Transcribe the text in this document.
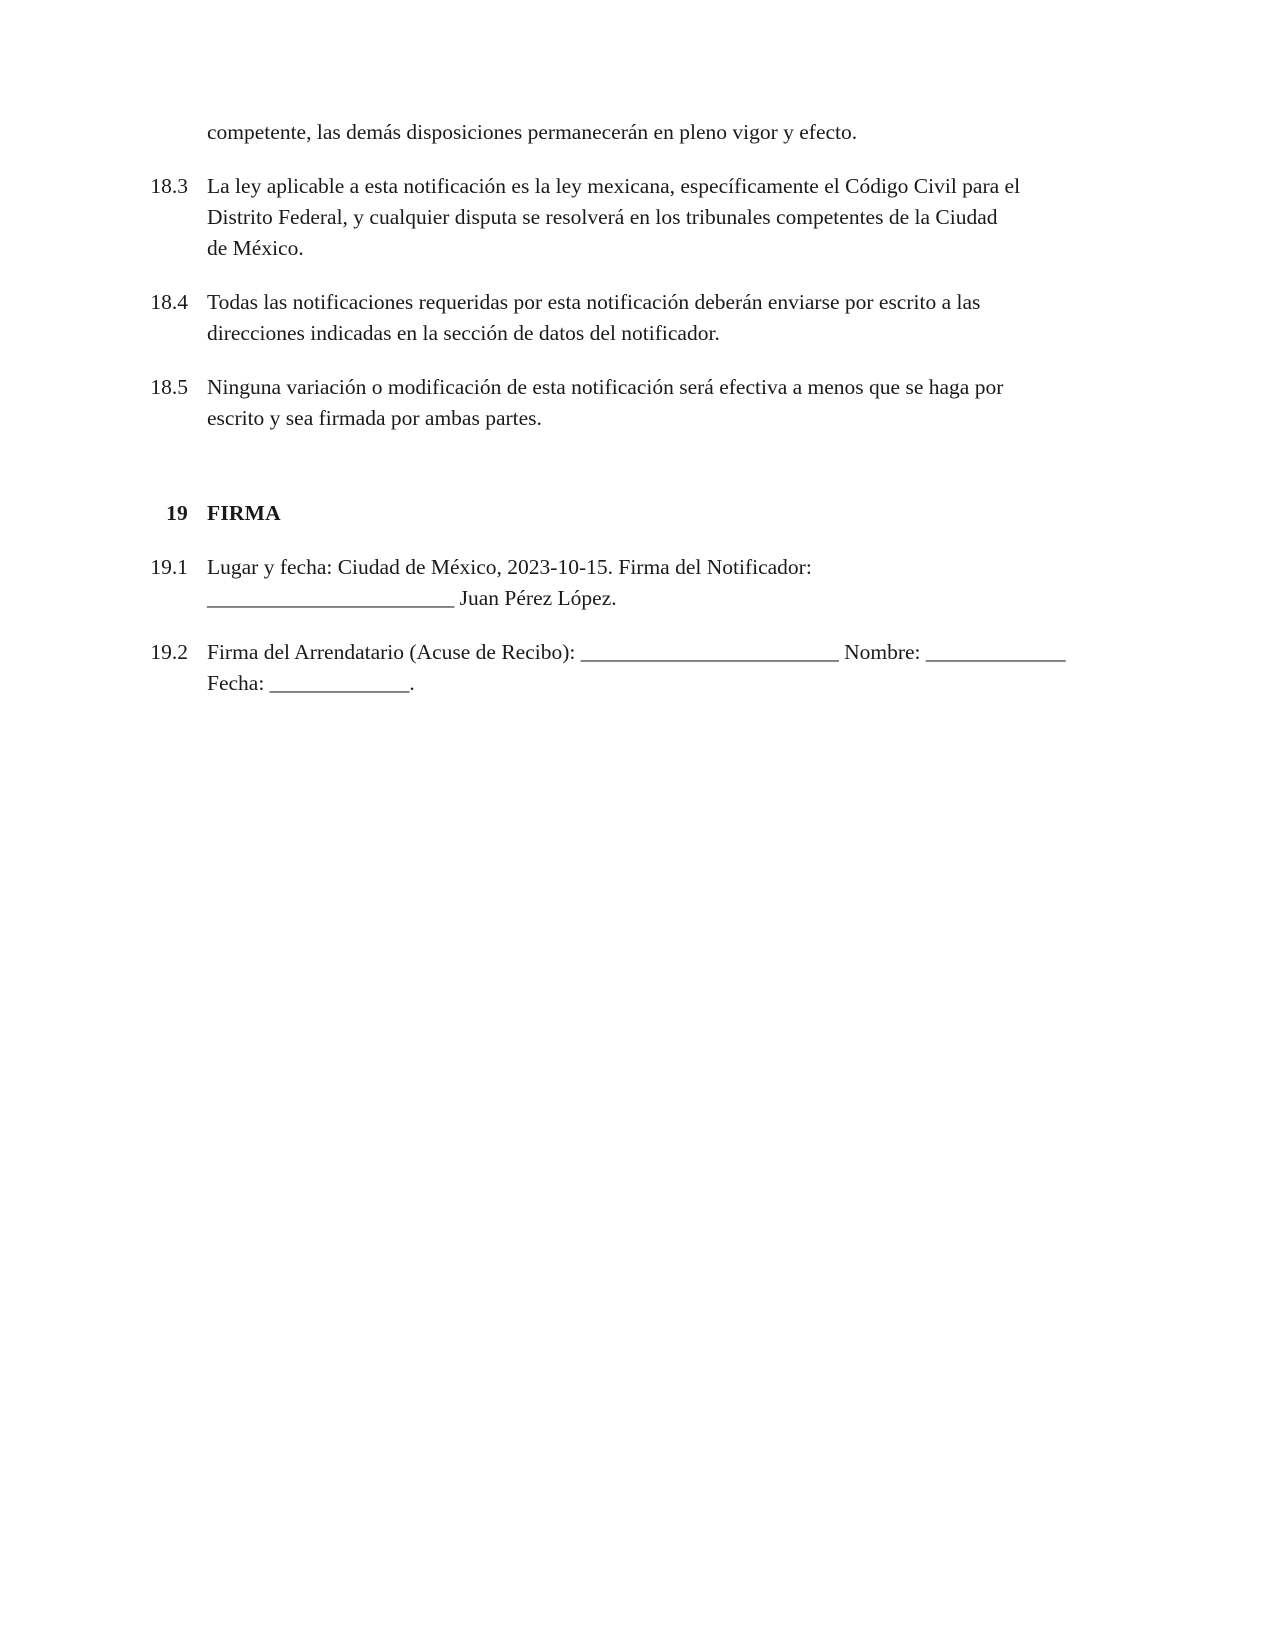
competente, las demás disposiciones permanecerán en pleno vigor y efecto.
18.3 La ley aplicable a esta notificación es la ley mexicana, específicamente el Código Civil para el
Distrito Federal, y cualquier disputa se resolverá en los tribunales competentes de la Ciudad
de México.
18.4 Todas las notificaciones requeridas por esta notificación deberán enviarse por escrito a las
direcciones indicadas en la sección de datos del notificador.
18.5 Ninguna variación o modificación de esta notificación será efectiva a menos que se haga por
escrito y sea firmada por ambas partes.
19 FIRMA
19.1 Lugar y fecha: Ciudad de México, 2023-10-15. Firma del Notificador:
_______________________ Juan Pérez López.
19.2 Firma del Arrendatario (Acuse de Recibo): ________________________ Nombre: _____________
Fecha: _____________.
